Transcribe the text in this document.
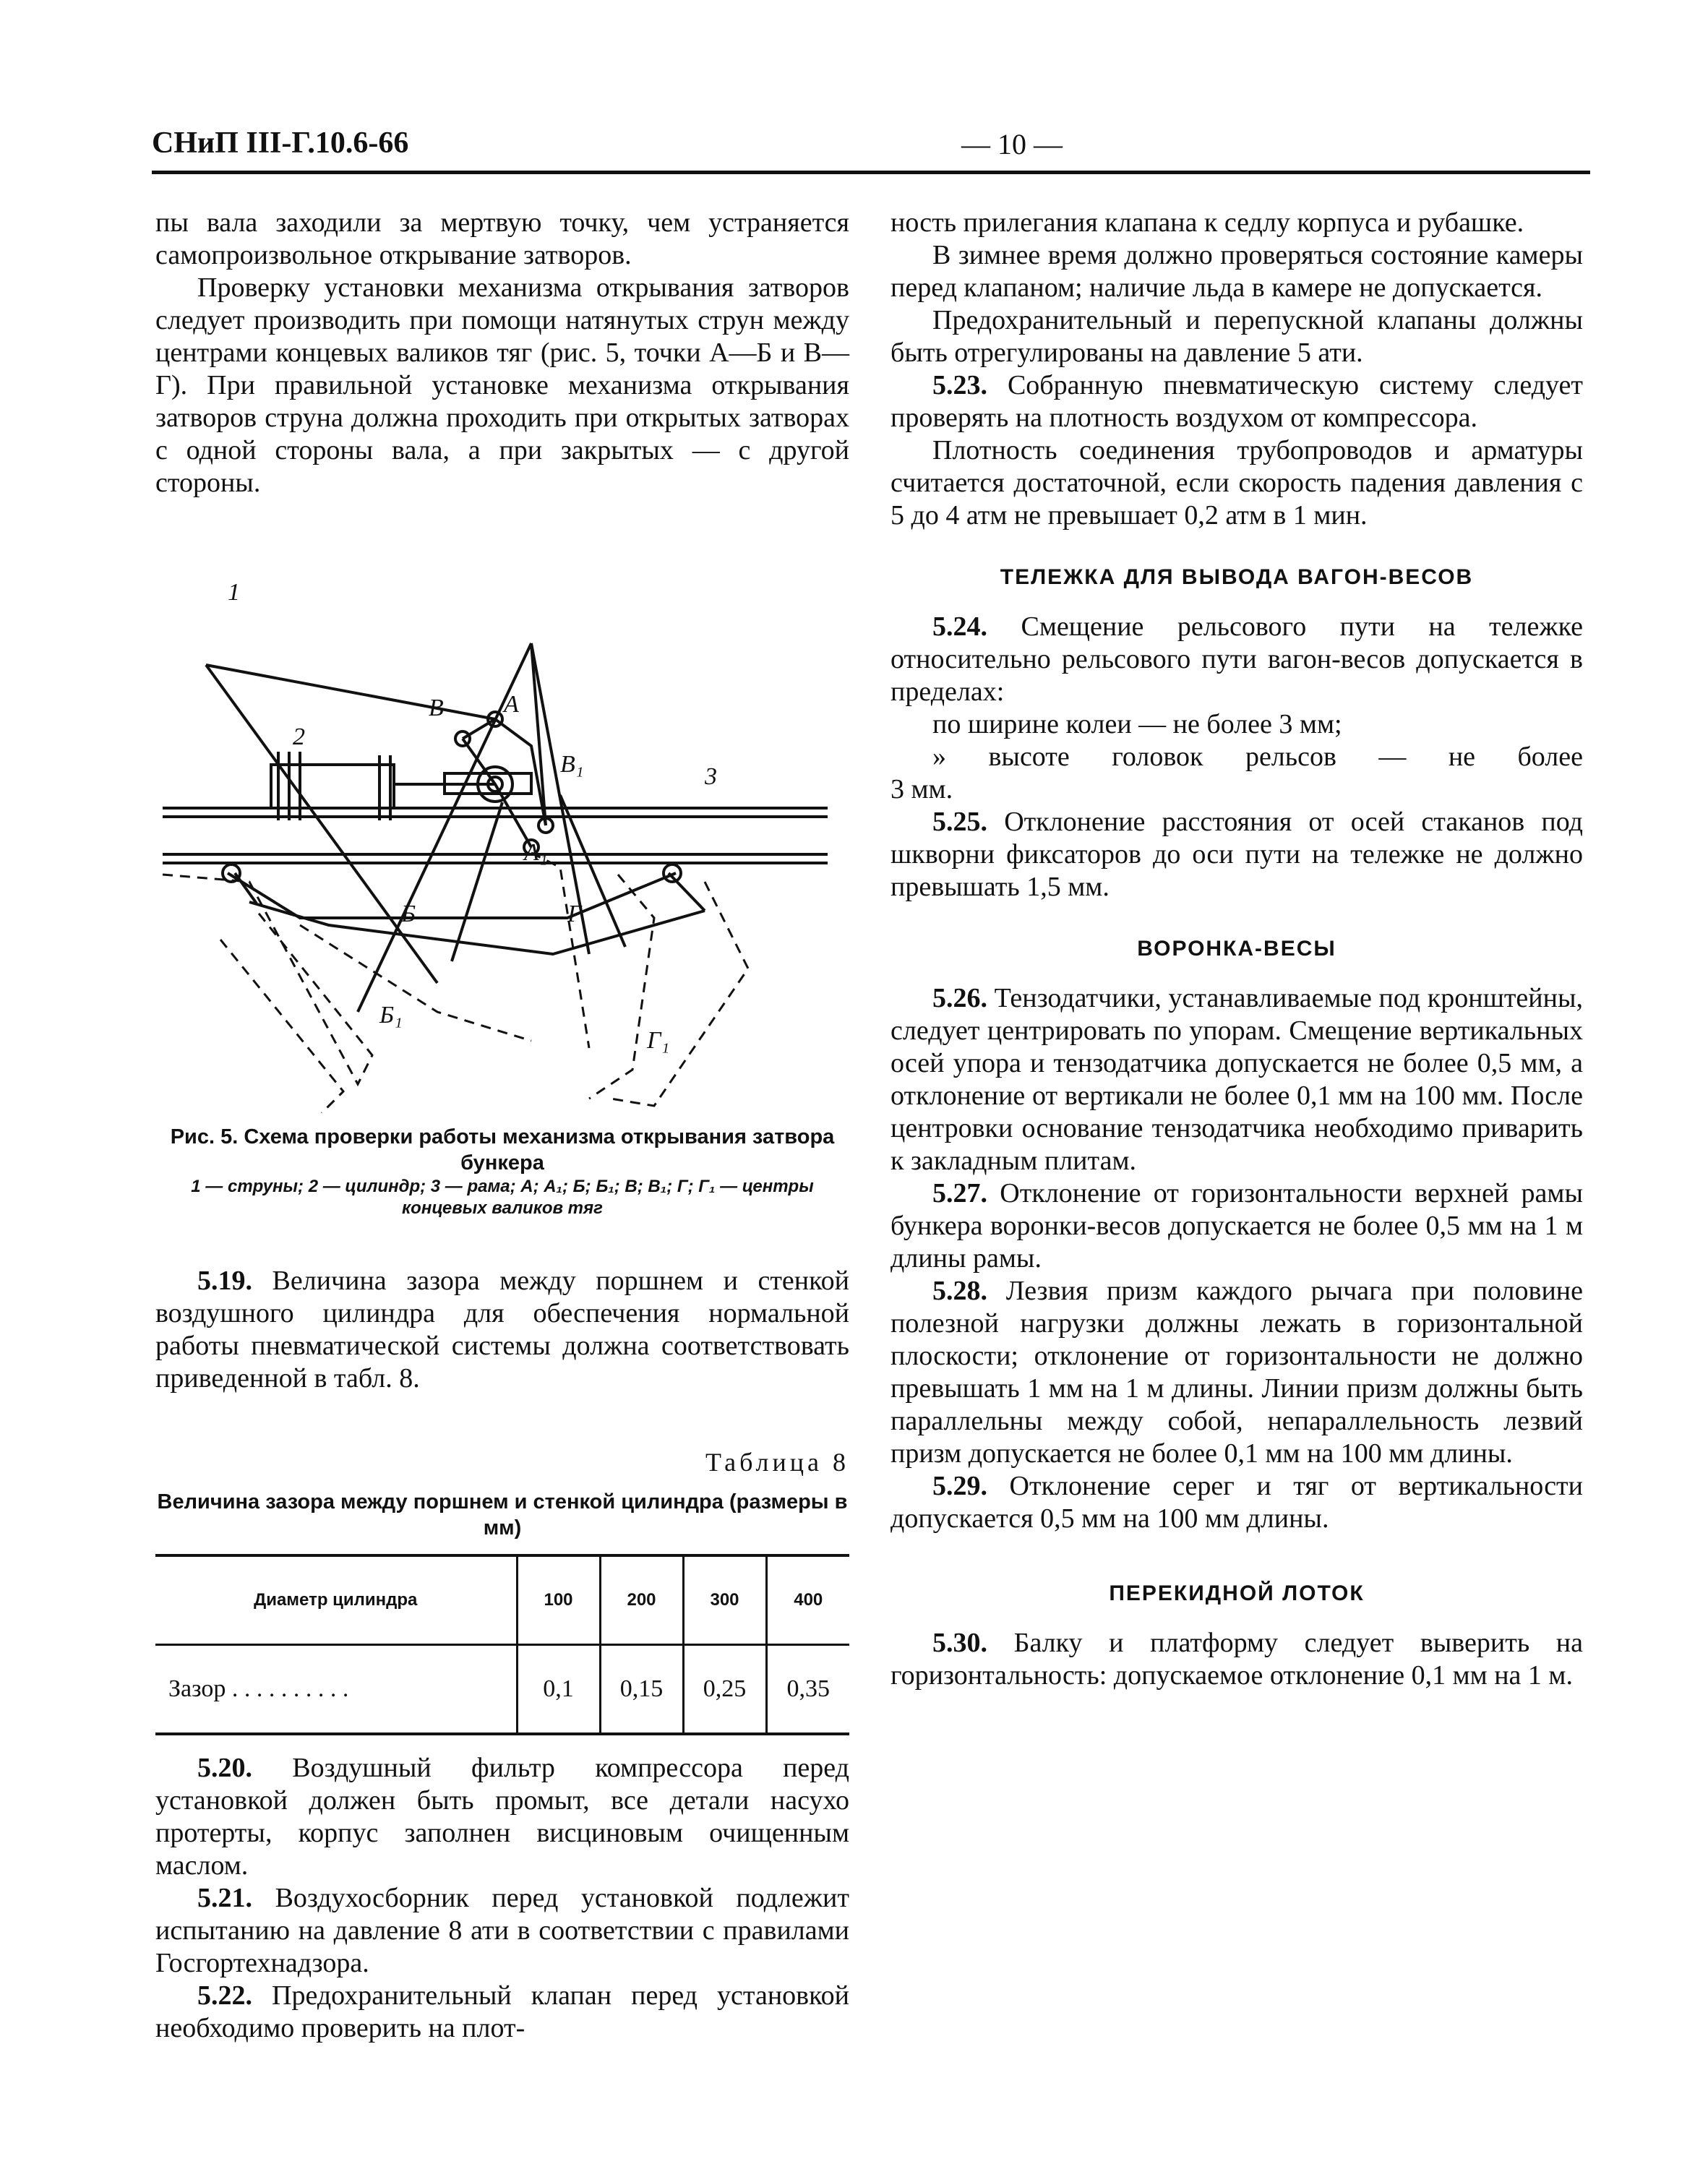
СНиП III-Г.10.6-66	— 10 —

пы вала заходили за мертвую точку, чем устраняется самопроизвольное открывание затворов.

Проверку установки механизма открывания затворов следует производить при помощи натянутых струн между центрами концевых валиков тяг (рис. 5, точки А—Б и В—Г). При правильной установке механизма открывания затворов струна должна проходить при открытых затворах с одной стороны вала, а при закрытых — с другой стороны.

1
2
3
В А
В₁
А₁
Б	Г
Б₁
Г₁
Рис. 5. Схема проверки работы механизма открывания затвора бункера
1 — струны; 2 — цилиндр; 3 — рама; А; А₁; Б; Б₁; В; В₁; Г; Г₁ — центры концевых валиков тяг

5.19. Величина зазора между поршнем и стенкой воздушного цилиндра для обеспечения нормальной работы пневматической системы должна соответствовать приведенной в табл. 8.

Таблица 8
Величина зазора между поршнем и стенкой цилиндра (размеры в мм)
Диаметр цилиндра	100	200	300	400
Зазор . . . . . . . . . .	0,1	0,15	0,25	0,35

5.20. Воздушный фильтр компрессора перед установкой должен быть промыт, все детали насухо протерты, корпус заполнен висциновым очищенным маслом.

5.21. Воздухосборник перед установкой подлежит испытанию на давление 8 ати в соответствии с правилами Госгортехнадзора.

5.22. Предохранительный клапан перед установкой необходимо проверить на плот-

ность прилегания клапана к седлу корпуса и рубашке.

В зимнее время должно проверяться состояние камеры перед клапаном; наличие льда в камере не допускается.

Предохранительный и перепускной клапаны должны быть отрегулированы на давление 5 ати.

5.23. Собранную пневматическую систему следует проверять на плотность воздухом от компрессора.

Плотность соединения трубопроводов и арматуры считается достаточной, если скорость падения давления с 5 до 4 атм не превышает 0,2 атм в 1 мин.

ТЕЛЕЖКА ДЛЯ ВЫВОДА ВАГОН-ВЕСОВ

5.24. Смещение рельсового пути на тележке относительно рельсового пути вагон-весов допускается в пределах:

по ширине колеи — не более 3 мм;

» высоте головок рельсов — не более

3 мм.

5.25. Отклонение расстояния от осей стаканов под шкворни фиксаторов до оси пути на тележке не должно превышать 1,5 мм.

ВОРОНКА-ВЕСЫ

5.26. Тензодатчики, устанавливаемые под кронштейны, следует центрировать по упорам. Смещение вертикальных осей упора и тензодатчика допускается не более 0,5 мм, а отклонение от вертикали не более 0,1 мм на 100 мм. После центровки основание тензодатчика необходимо приварить к закладным плитам.

5.27. Отклонение от горизонтальности верхней рамы бункера воронки-весов допускается не более 0,5 мм на 1 м длины рамы.

5.28. Лезвия призм каждого рычага при половине полезной нагрузки должны лежать в горизонтальной плоскости; отклонение от горизонтальности не должно превышать 1 мм на 1 м длины. Линии призм должны быть параллельны между собой, непараллельность лезвий призм допускается не более 0,1 мм на 100 мм длины.

5.29. Отклонение серег и тяг от вертикальности допускается 0,5 мм на 100 мм длины.

ПЕРЕКИДНОЙ ЛОТОК

5.30. Балку и платформу следует выверить на горизонтальность: допускаемое отклонение 0,1 мм на 1 м.
